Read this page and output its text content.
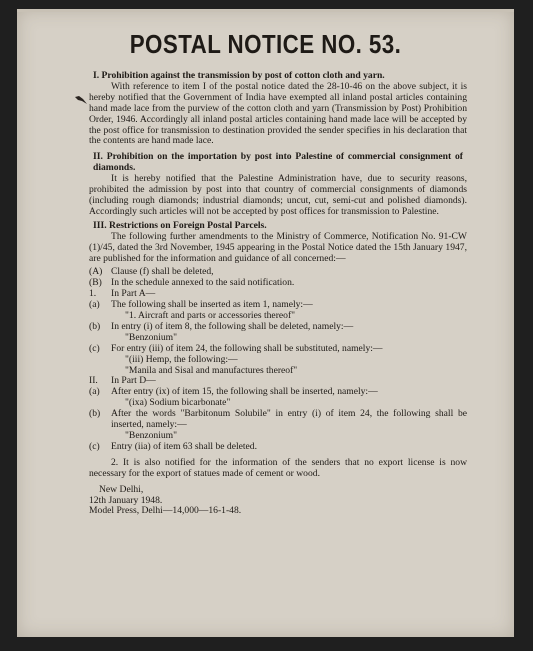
POSTAL NOTICE NO. 53.

I. Prohibition against the transmission by post of cotton cloth and yarn.

With reference to item I of the postal notice dated the 28-10-46 on the above subject, it is hereby notified that the Government of India have exempted all inland postal articles containing hand made lace from the purview of the cotton cloth and yarn (Transmission by Post) Prohibition Order, 1946. Accordingly all inland postal articles containing hand made lace will be accepted by the post office for transmission to destination provided the sender specifies in his declaration that the contents are hand made lace.

II. Prohibition on the importation by post into Palestine of commercial consignment of diamonds.

It is hereby notified that the Palestine Administration have, due to security reasons, prohibited the admission by post into that country of commercial consignments of diamonds (including rough diamonds; industrial diamonds; uncut, cut, semi-cut and polished diamonds). Accordingly such articles will not be accepted by post offices for transmission to Palestine.

III. Restrictions on Foreign Postal Parcels.

The following further amendments to the Ministry of Commerce, Notification No. 91-CW (1)/45, dated the 3rd November, 1945 appearing in the Postal Notice dated the 15th January 1947, are published for the information and guidance of all concerned:—

(A) Clause (f) shall be deleted,
(B) In the schedule annexed to the said notification.
1.	In Part A—
(a)	The following shall be inserted as item 1, namely:—

"1. Aircraft and parts or accessories thereof"

(b)	In entry (i) of item 8, the following shall be deleted, namely:—

"Benzonium"

(c)	For entry (iii) of item 24, the following shall be substituted, namely:—

"(iii) Hemp, the following:—

"Manila and Sisal and manufactures thereof"

II.	In Part D—
(a)	After entry (ix) of item 15, the following shall be inserted, namely:—

"(ixa) Sodium bicarbonate"

(b)	After the words "Barbitonum Solubile" in entry (i) of item 24, the following shall be inserted, namely:—

"Benzonium"

(c)	Entry (iia) of item 63 shall be deleted.

2. It is also notified for the information of the senders that no export license is now necessary for the export of statues made of cement or wood.

New Delhi,

12th January 1948.

Model Press, Delhi—14,000—16-1-48.
